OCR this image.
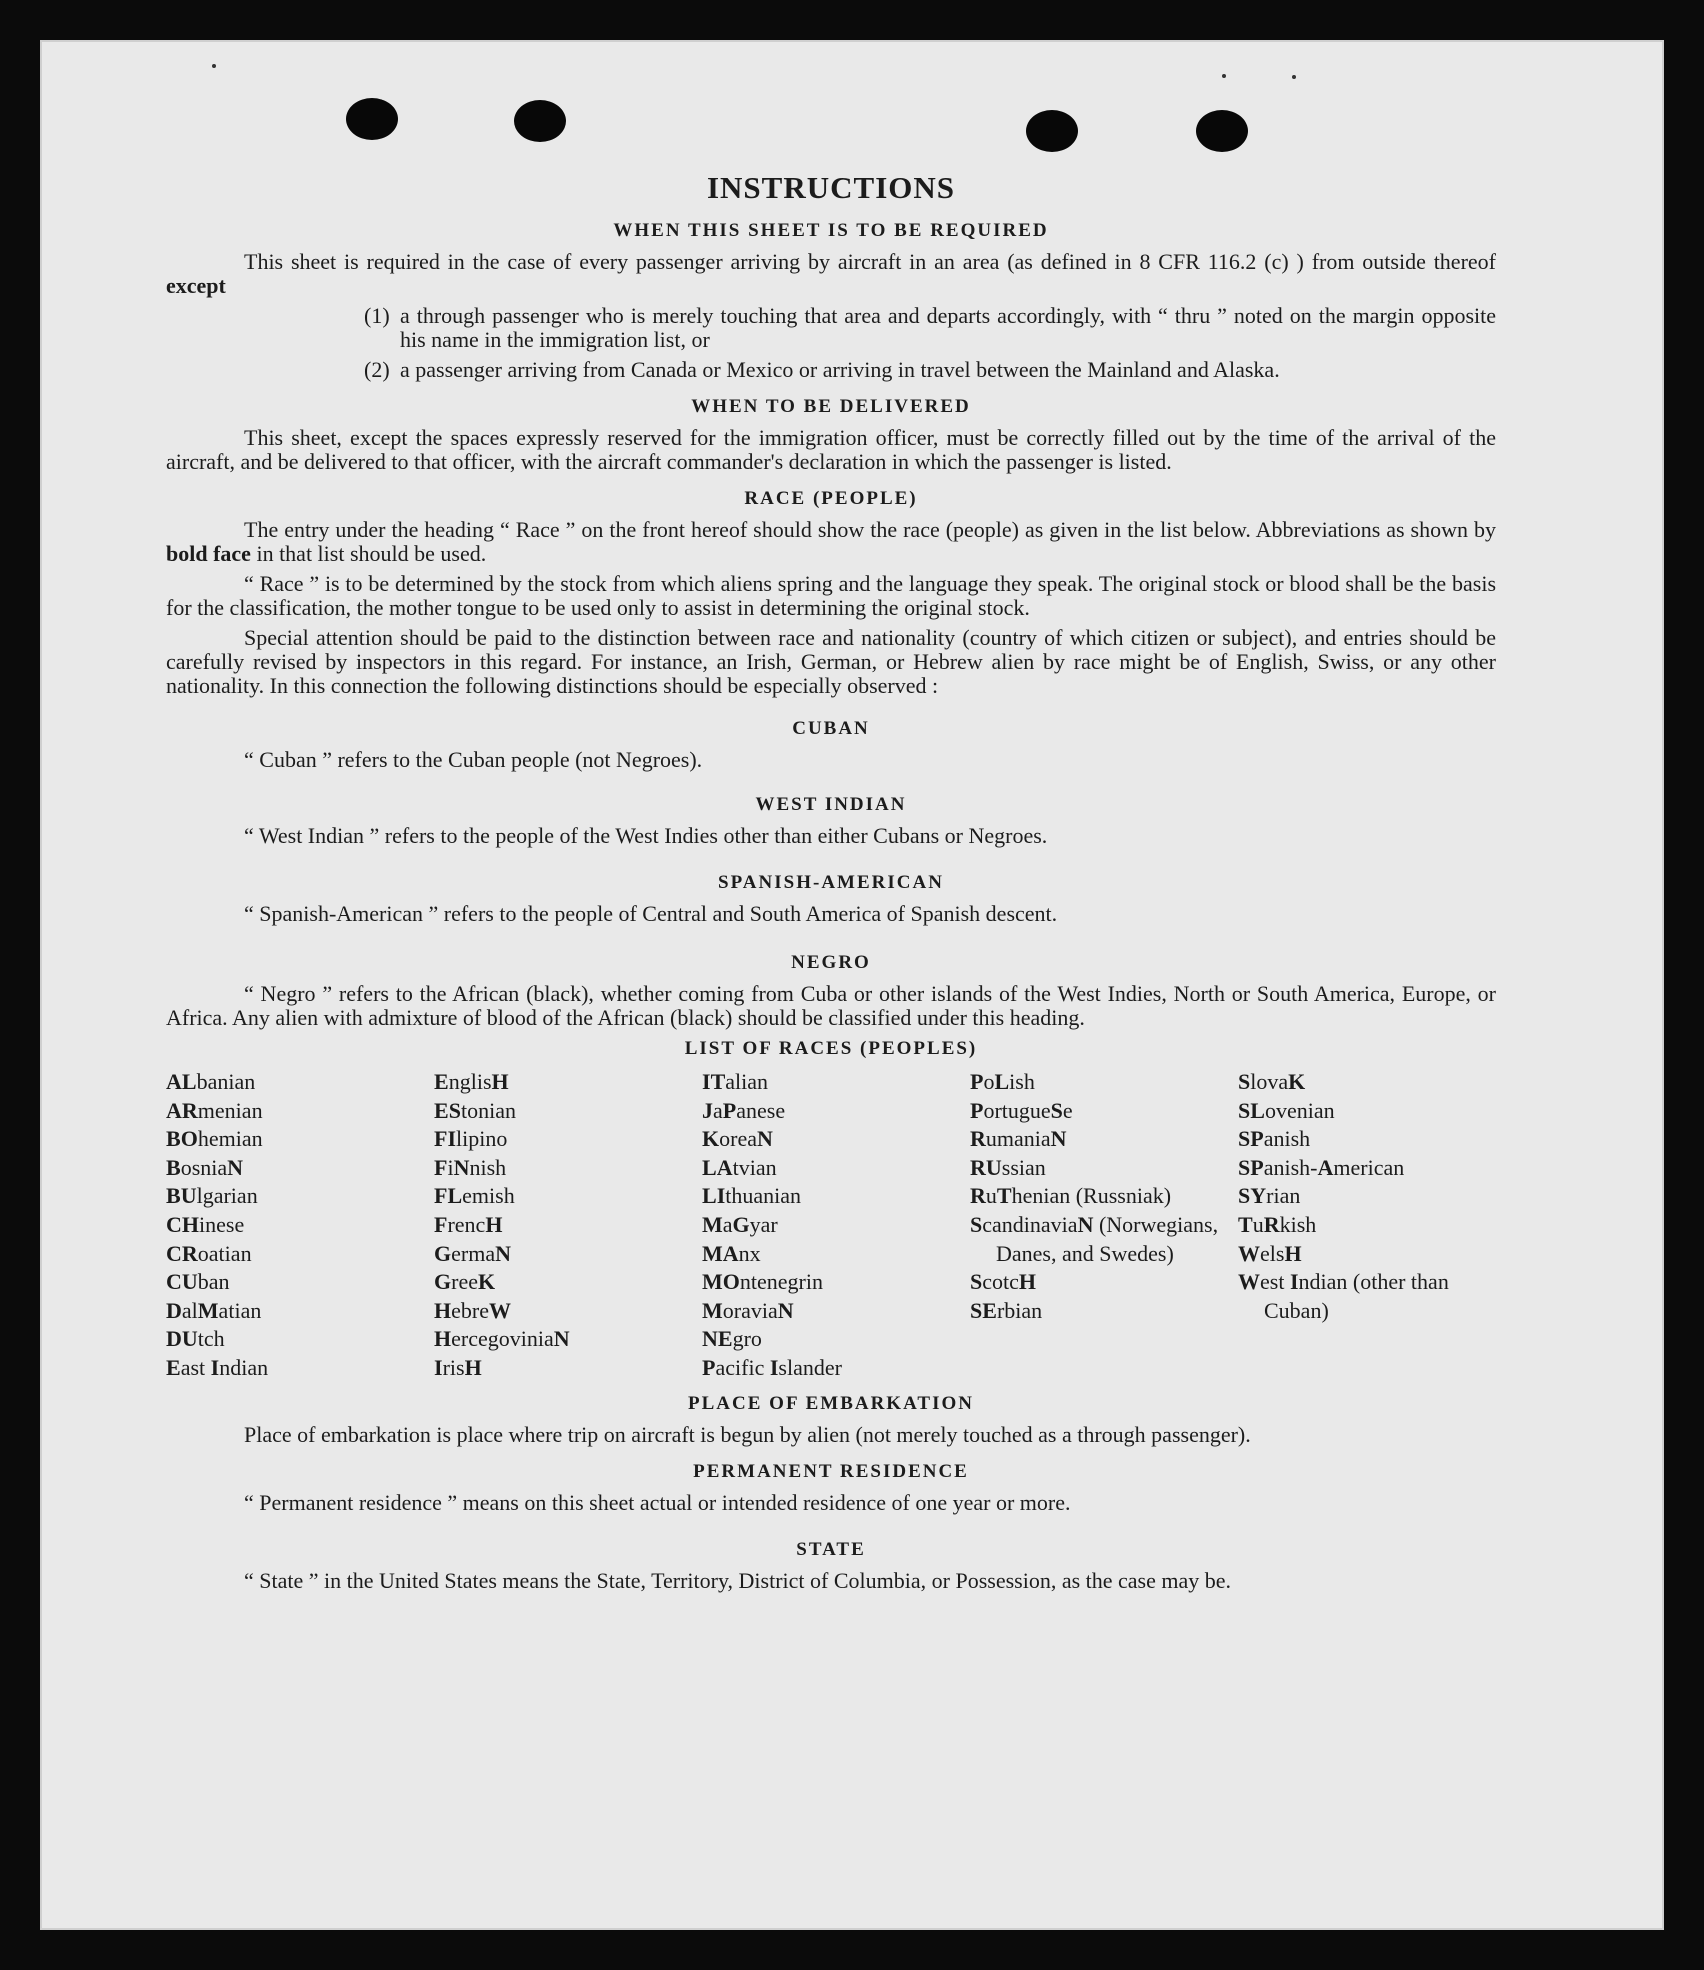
INSTRUCTIONS
WHEN THIS SHEET IS TO BE REQUIRED
This sheet is required in the case of every passenger arriving by aircraft in an area (as defined in 8 CFR 116.2 (c) ) from outside thereof except
(1) a through passenger who is merely touching that area and departs accordingly, with “ thru ” noted on the margin opposite his name in the immigration list, or
(2) a passenger arriving from Canada or Mexico or arriving in travel between the Mainland and Alaska.
WHEN TO BE DELIVERED
This sheet, except the spaces expressly reserved for the immigration officer, must be correctly filled out by the time of the arrival of the aircraft, and be delivered to that officer, with the aircraft commander's declaration in which the passenger is listed.
RACE (PEOPLE)
The entry under the heading “ Race ” on the front hereof should show the race (people) as given in the list below. Abbreviations as shown by bold face in that list should be used.
“ Race ” is to be determined by the stock from which aliens spring and the language they speak. The original stock or blood shall be the basis for the classification, the mother tongue to be used only to assist in determining the original stock.
Special attention should be paid to the distinction between race and nationality (country of which citizen or subject), and entries should be carefully revised by inspectors in this regard. For instance, an Irish, German, or Hebrew alien by race might be of English, Swiss, or any other nationality. In this connection the following distinctions should be especially observed :
CUBAN
“ Cuban ” refers to the Cuban people (not Negroes).
WEST INDIAN
“ West Indian ” refers to the people of the West Indies other than either Cubans or Negroes.
SPANISH-AMERICAN
“ Spanish-American ” refers to the people of Central and South America of Spanish descent.
NEGRO
“ Negro ” refers to the African (black), whether coming from Cuba or other islands of the West Indies, North or South America, Europe, or Africa. Any alien with admixture of blood of the African (black) should be classified under this heading.
LIST OF RACES (PEOPLES)
ALbanian
ARmenian
BOhemian
BosniaN
BUlgarian
CHinese
CRoatian
CUban
DalMatian
DUtch
East Indian
EnglisH
EStonian
FIlipino
FiNnish
FLemish
FrencH
GermaN
GreeK
HebreW
HercegoviniaN
IrisH
ITalian
JaPanese
KoreaN
LAtvian
LIthuanian
MaGyar
MAnx
MOntenegrin
MoraviaN
NEgro
Pacific Islander
PoLish
PortugueSe
RumaniaN
RUssian
RuThenian (Russniak)
ScandinaviaN (Norwegians, Danes, and Swedes)
ScotcH
SErbian
SlovaK
SLovenian
SPanish
SPanish-American
SYrian
TuRkish
WelsH
West Indian (other than Cuban)
PLACE OF EMBARKATION
Place of embarkation is place where trip on aircraft is begun by alien (not merely touched as a through passenger).
PERMANENT RESIDENCE
“ Permanent residence ” means on this sheet actual or intended residence of one year or more.
STATE
“ State ” in the United States means the State, Territory, District of Columbia, or Possession, as the case may be.
